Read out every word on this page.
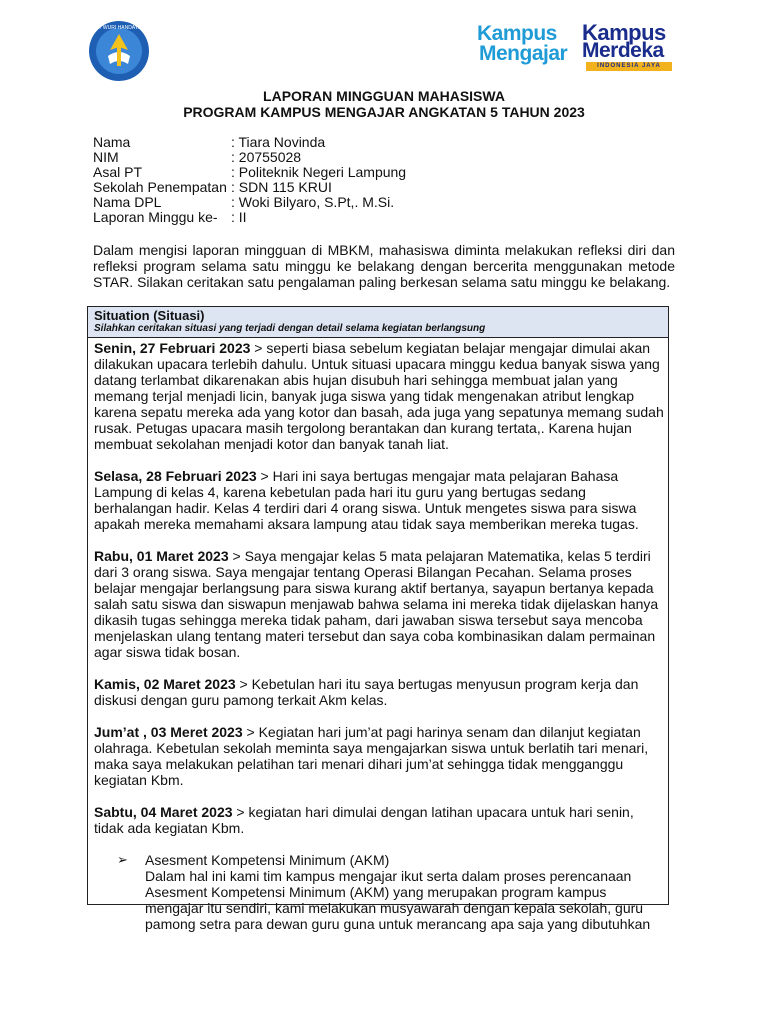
TUT WURI HANDAYANI	Kampus
Mengajar
Kampus
Merdeka
INDONESIA JAYA
LAPORAN MINGGUAN MAHASISWA
PROGRAM KAMPUS MENGAJAR ANGKATAN 5 TAHUN 2023
Nama	: Tiara Novinda
NIM	: 20755028
Asal PT	: Politeknik Negeri Lampung
Sekolah Penempatan : SDN 115 KRUI
Nama DPL	: Woki Bilyaro, S.Pt,. M.Si.
Laporan Minggu ke- : II
Dalam mengisi laporan mingguan di MBKM, mahasiswa diminta melakukan refleksi diri dan refleksi program selama satu minggu ke belakang dengan bercerita menggunakan metode STAR. Silakan ceritakan satu pengalaman paling berkesan selama satu minggu ke belakang.
Situation (Situasi)
Silahkan ceritakan situasi yang terjadi dengan detail selama kegiatan berlangsung

Senin, 27 Februari 2023 > seperti biasa sebelum kegiatan belajar mengajar dimulai akan dilakukan upacara terlebih dahulu. Untuk situasi upacara minggu kedua banyak siswa yang datang terlambat dikarenakan abis hujan disubuh hari sehingga membuat jalan yang memang terjal menjadi licin, banyak juga siswa yang tidak mengenakan atribut lengkap karena sepatu mereka ada yang kotor dan basah, ada juga yang sepatunya memang sudah rusak. Petugas upacara masih tergolong berantakan dan kurang tertata,. Karena hujan membuat sekolahan menjadi kotor dan banyak tanah liat.

Selasa, 28 Februari 2023 > Hari ini saya bertugas mengajar mata pelajaran Bahasa Lampung di kelas 4, karena kebetulan pada hari itu guru yang bertugas sedang berhalangan hadir. Kelas 4 terdiri dari 4 orang siswa. Untuk mengetes siswa para siswa apakah mereka memahami aksara lampung atau tidak saya memberikan mereka tugas.

Rabu, 01 Maret 2023 > Saya mengajar kelas 5 mata pelajaran Matematika, kelas 5 terdiri dari 3 orang siswa. Saya mengajar tentang Operasi Bilangan Pecahan. Selama proses belajar mengajar berlangsung para siswa kurang aktif bertanya, sayapun bertanya kepada salah satu siswa dan siswapun menjawab bahwa selama ini mereka tidak dijelaskan hanya dikasih tugas sehingga mereka tidak paham, dari jawaban siswa tersebut saya mencoba menjelaskan ulang tentang materi tersebut dan saya coba kombinasikan dalam permainan agar siswa tidak bosan.

Kamis, 02 Maret 2023 > Kebetulan hari itu saya bertugas menyusun program kerja dan diskusi dengan guru pamong terkait Akm kelas.

Jum’at , 03 Meret 2023 > Kegiatan hari jum’at pagi harinya senam dan dilanjut kegiatan olahraga. Kebetulan sekolah meminta saya mengajarkan siswa untuk berlatih tari menari, maka saya melakukan pelatihan tari menari dihari jum’at sehingga tidak mengganggu kegiatan Kbm.

Sabtu, 04 Maret 2023 > kegiatan hari dimulai dengan latihan upacara untuk hari senin, tidak ada kegiatan Kbm.

➢	Asesment Kompetensi Minimum (AKM)
Dalam hal ini kami tim kampus mengajar ikut serta dalam proses perencanaan Asesment Kompetensi Minimum (AKM) yang merupakan program kampus mengajar itu sendiri, kami melakukan musyawarah dengan kepala sekolah, guru pamong setra para dewan guru guna untuk merancang apa saja yang dibutuhkan
